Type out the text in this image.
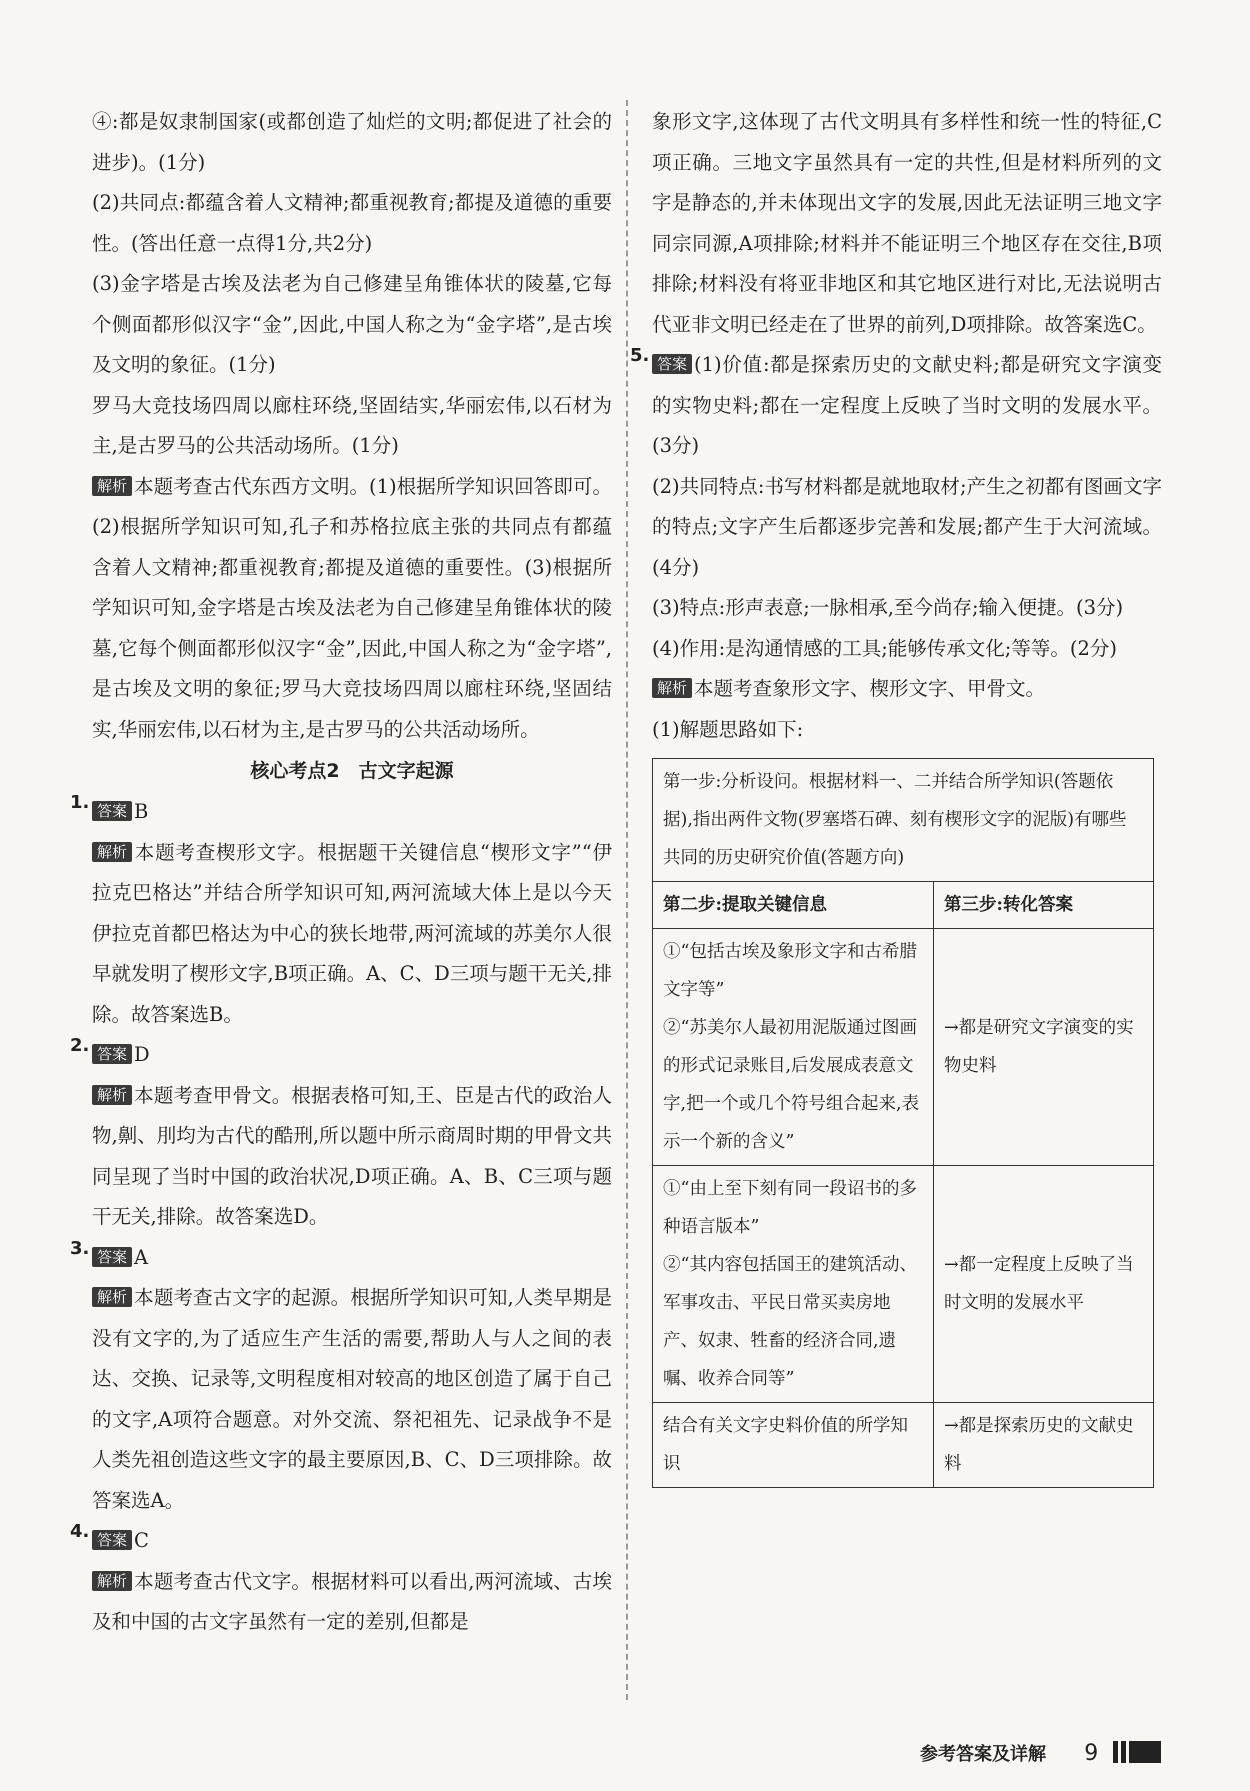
④:都是奴隶制国家(或都创造了灿烂的文明;都促进了社会的进步)。(1分)

(2)共同点:都蕴含着人文精神;都重视教育;都提及道德的重要性。(答出任意一点得1分,共2分)

(3)金字塔是古埃及法老为自己修建呈角锥体状的陵墓,它每个侧面都形似汉字“金”,因此,中国人称之为“金字塔”,是古埃及文明的象征。(1分)

罗马大竞技场四周以廊柱环绕,坚固结实,华丽宏伟,以石材为主,是古罗马的公共活动场所。(1分)

解析 本题考查古代东西方文明。(1)根据所学知识回答即可。(2)根据所学知识可知,孔子和苏格拉底主张的共同点有都蕴含着人文精神;都重视教育;都提及道德的重要性。(3)根据所学知识可知,金字塔是古埃及法老为自己修建呈角锥体状的陵墓,它每个侧面都形似汉字“金”,因此,中国人称之为“金字塔”,是古埃及文明的象征;罗马大竞技场四周以廊柱环绕,坚固结实,华丽宏伟,以石材为主,是古罗马的公共活动场所。

核心考点2　古文字起源
1. 答案 B

解析 本题考查楔形文字。根据题干关键信息“楔形文字”“伊拉克巴格达”并结合所学知识可知,两河流域大体上是以今天伊拉克首都巴格达为中心的狭长地带,两河流域的苏美尔人很早就发明了楔形文字,B项正确。A、C、D三项与题干无关,排除。故答案选B。

2. 答案 D

解析 本题考查甲骨文。根据表格可知,王、臣是古代的政治人物,劓、刖均为古代的酷刑,所以题中所示商周时期的甲骨文共同呈现了当时中国的政治状况,D项正确。A、B、C三项与题干无关,排除。故答案选D。

3. 答案 A

解析 本题考查古文字的起源。根据所学知识可知,人类早期是没有文字的,为了适应生产生活的需要,帮助人与人之间的表达、交换、记录等,文明程度相对较高的地区创造了属于自己的文字,A项符合题意。对外交流、祭祀祖先、记录战争不是人类先祖创造这些文字的最主要原因,B、C、D三项排除。故答案选A。

4. 答案 C

解析 本题考查古代文字。根据材料可以看出,两河流域、古埃及和中国的古文字虽然有一定的差别,但都是

象形文字,这体现了古代文明具有多样性和统一性的特征,C项正确。三地文字虽然具有一定的共性,但是材料所列的文字是静态的,并未体现出文字的发展,因此无法证明三地文字同宗同源,A项排除;材料并不能证明三个地区存在交往,B项排除;材料没有将亚非地区和其它地区进行对比,无法说明古代亚非文明已经走在了世界的前列,D项排除。故答案选C。

5. 答案 (1)价值:都是探索历史的文献史料;都是研究文字演变的实物史料;都在一定程度上反映了当时文明的发展水平。(3分)

(2)共同特点:书写材料都是就地取材;产生之初都有图画文字的特点;文字产生后都逐步完善和发展;都产生于大河流域。(4分)

(3)特点:形声表意;一脉相承,至今尚存;输入便捷。(3分)

(4)作用:是沟通情感的工具;能够传承文化;等等。(2分)

解析 本题考查象形文字、楔形文字、甲骨文。

(1)解题思路如下:

第一步:分析设问。根据材料一、二并结合所学知识(答题依据),指出两件文物(罗塞塔石碑、刻有楔形文字的泥版)有哪些共同的历史研究价值(答题方向)	
第二步:提取关键信息	第三步:转化答案
①“包括古埃及象形文字和古希腊文字等”
②“苏美尔人最初用泥版通过图画的形式记录账目,后发展成表意文字,把一个或几个符号组合起来,表示一个新的含义”	→都是研究文字演变的实物史料
①“由上至下刻有同一段诏书的多种语言版本”
②“其内容包括国王的建筑活动、军事攻击、平民日常买卖房地产、奴隶、牲畜的经济合同,遗嘱、收养合同等”	→都一定程度上反映了当时文明的发展水平
结合有关文字史料价值的所学知识	→都是探索历史的文献史料
参考答案及详解 9
